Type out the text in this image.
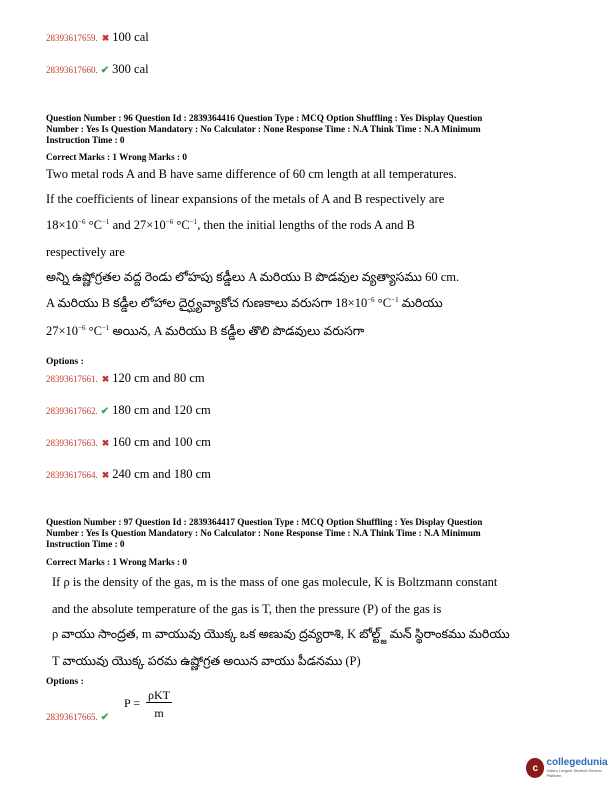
28393617659. ✖ 100 cal
28393617660. ✔ 300 cal
Question Number : 96 Question Id : 2839364416 Question Type : MCQ Option Shuffling : Yes Display Question
Number : Yes Is Question Mandatory : No Calculator : None Response Time : N.A Think Time : N.A Minimum
Instruction Time : 0
Correct Marks : 1 Wrong Marks : 0
Two metal rods A and B have same difference of 60 cm length at all temperatures.
If the coefficients of linear expansions of the metals of A and B respectively are
$18\times 10^{-6}$ $^\circ C^{-1}$ and $27\times 10^{-6}$ $^\circ C^{-1}$, then the initial lengths of the rods A and B
respectively are
అన్ని ఉష్ణోగ్రతల వద్ద రెండు లోహపు కడ్డీలు A మరియు B పొడవుల వ్యత్యాసము 60 cm.
A మరియు B కడ్డీల లోహాల దైర్ఘ్యవ్యాకోచ గుణకాలు వరుసగా $18\times 10^{-6}$ $^\circ C^{-1}$ మరియు
$27\times 10^{-6}$ $^\circ C^{-1}$ అయిన, A మరియు B కడ్డీల తొలి పొడవులు వరుసగా
Options :
28393617661. ✖ 120 cm and 80 cm
28393617662. ✔ 180 cm and 120 cm
28393617663. ✖ 160 cm and 100 cm
28393617664. ✖ 240 cm and 180 cm
Question Number : 97 Question Id : 2839364417 Question Type : MCQ Option Shuffling : Yes Display Question
Number : Yes Is Question Mandatory : No Calculator : None Response Time : N.A Think Time : N.A Minimum
Instruction Time : 0
Correct Marks : 1 Wrong Marks : 0
If ρ is the density of the gas, m is the mass of one gas molecule, K is Boltzmann constant
and the absolute temperature of the gas is T, then the pressure (P) of the gas is
ρ వాయు సాంద్రత, m వాయువు యొక్క ఒక అణువు ద్రవ్యరాశి, K బోల్ట్జ్ మన్ స్థిరాంకము మరియు
T వాయువు యొక్క పరమ ఉష్ణోగ్రత అయిన వాయు పీడనము (P)
Options :
28393617665. ✔
P =
ρKT
m
c collegedunia
India's Largest Student Review Platform
